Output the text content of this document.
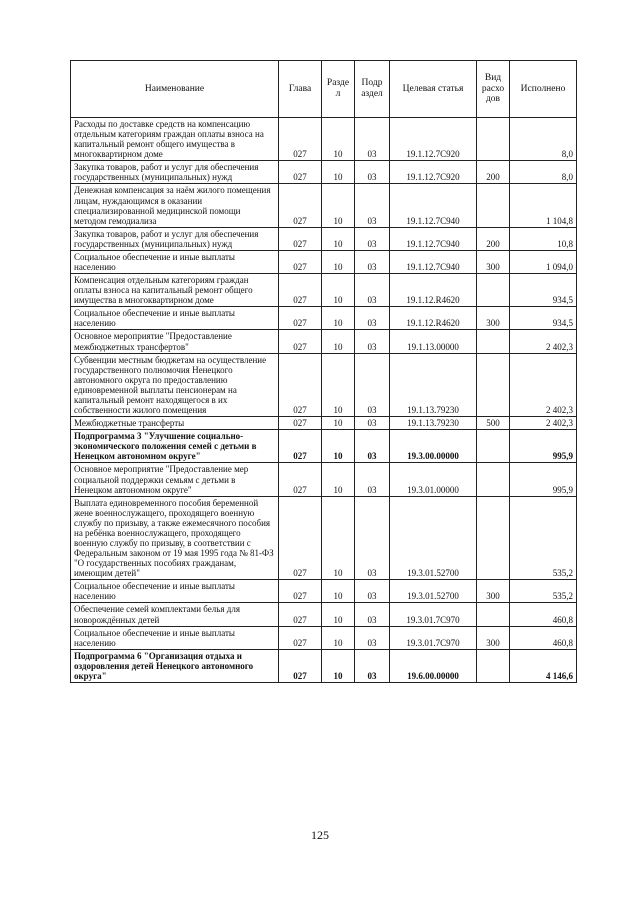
Наименование	Глава	Разде л	Подр аздел	Целевая статья	Вид расхо дов	Исполнено
Расходы по доставке средств на компенсацию отдельным категориям граждан оплаты взноса на капитальный ремонт общего имущества в многоквартирном доме	027	10	03	19.1.12.7С920		8,0
Закупка товаров, работ и услуг для обеспечения государственных (муниципальных) нужд	027	10	03	19.1.12.7С920	200	8,0
Денежная компенсация за наём жилого помещения лицам, нуждающимся в оказании специализированной медицинской помощи методом гемодиализа	027	10	03	19.1.12.7С940		1 104,8
Закупка товаров, работ и услуг для обеспечения государственных (муниципальных) нужд	027	10	03	19.1.12.7С940	200	10,8
Социальное обеспечение и иные выплаты населению	027	10	03	19.1.12.7С940	300	1 094,0
Компенсация отдельным категориям граждан оплаты взноса на капитальный ремонт общего имущества в многоквартирном доме	027	10	03	19.1.12.R4620		934,5
Социальное обеспечение и иные выплаты населению	027	10	03	19.1.12.R4620	300	934,5
Основное мероприятие "Предоставление межбюджетных трансфертов"	027	10	03	19.1.13.00000		2 402,3
Субвенции местным бюджетам на осуществление государственного полномочия Ненецкого автономного округа по предоставлению единовременной выплаты пенсионерам на капитальный ремонт находящегося в их собственности жилого помещения	027	10	03	19.1.13.79230		2 402,3
Межбюджетные трансферты	027	10	03	19.1.13.79230	500	2 402,3
Подпрограмма 3 "Улучшение социально-экономического положения семей с детьми в Ненецком автономном округе"	027	10	03	19.3.00.00000		995,9
Основное мероприятие "Предоставление мер социальной поддержки семьям с детьми в Ненецком автономном округе"	027	10	03	19.3.01.00000		995,9
Выплата единовременного пособия беременной жене военнослужащего, проходящего военную службу по призыву, а также ежемесячного пособия на ребёнка военнослужащего, проходящего военную службу по призыву, в соответствии с Федеральным законом от 19 мая 1995 года № 81-ФЗ "О государственных пособиях гражданам, имеющим детей"	027	10	03	19.3.01.52700		535,2
Социальное обеспечение и иные выплаты населению	027	10	03	19.3.01.52700	300	535,2
Обеспечение семей комплектами белья для новорождённых детей	027	10	03	19.3.01.7С970		460,8
Социальное обеспечение и иные выплаты населению	027	10	03	19.3.01.7С970	300	460,8
Подпрограмма 6 "Организация отдыха и оздоровления детей Ненецкого автономного округа"	027	10	03	19.6.00.00000		4 146,6
125
